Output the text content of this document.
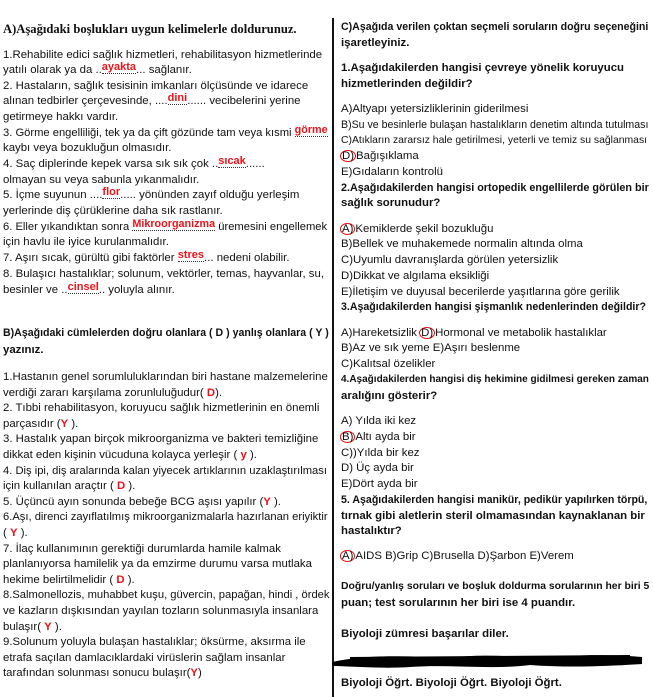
A)Aşağıdaki boşlukları uygun kelimelerle doldurunuz.
1.Rehabilite edici sağlık hizmetleri, rehabilitasyon hizmetlerinde
yatılı olarak ya da ..ayakta... sağlanır.
2. Hastaların, sağlık tesisinin imkanları ölçüsünde ve idarece
alınan tedbirler çerçevesinde, ....dini...... vecibelerini yerine
getirmeye hakkı vardır.
3. Görme engelliliği, tek ya da çift gözünde tam veya kısmi görme
kaybı veya bozukluğun olmasıdır.
4. Saç diplerinde kepek varsa sık sık çok ..sıcak......
olmayan su veya sabunla yıkanmalıdır.
5. İçme suyunun ....flor..... yönünden zayıf olduğu yerleşim
yerlerinde diş çürüklerine daha sık rastlanır.
6. Eller yıkandıktan sonra Mikroorganizma üremesini engellemek
için havlu ile iyice kurulanmalıdır.
7. Aşırı sıcak, gürültü gibi faktörler stres... nedeni olabilir.
8. Bulaşıcı hastalıklar; solunum, vektörler, temas, hayvanlar, su,
besinler ve ..cinsel.. yoluyla alınır.
B)Aşağıdaki cümlelerden doğru olanlara ( D ) yanlış olanlara ( Y )
yazınız.
1.Hastanın genel sorumluluklarından biri hastane malzemelerine
verdiği zararı karşılama zorunluluğudur( D).
2. Tıbbi rehabilitasyon, koruyucu sağlık hizmetlerinin en önemli
parçasıdır (Y ).
3. Hastalık yapan birçok mikroorganizma ve bakteri temizliğine
dikkat eden kişinin vücuduna kolayca yerleşir ( y ).
4. Diş ipi, diş aralarında kalan yiyecek artıklarının uzaklaştırılması
için kullanılan araçtır ( D ).
5. Üçüncü ayın sonunda bebeğe BCG aşısı yapılır (Y ).
6.Aşı, direnci zayıflatılmış mikroorganizmalarla hazırlanan eriyiktir
( Y ).
7. İlaç kullanımının gerektiği durumlarda hamile kalmak
planlanıyorsa hamilelik ya da emzirme durumu varsa mutlaka
hekime belirtilmelidir ( D ).
8.Salmonellozis, muhabbet kuşu, güvercin, papağan, hindi , ördek
ve kazların dışkısından yayılan tozların solunmasıyla insanlara
bulaşır( Y ).
9.Solunum yoluyla bulaşan hastalıklar; öksürme, aksırma ile
etrafa saçılan damlacıklardaki virüslerin sağlam insanlar
tarafından solunması sonucu bulaşır(Y)
C)Aşağıda verilen çoktan seçmeli soruların doğru seçeneğini
işaretleyiniz.
1.Aşağıdakilerden hangisi çevreye yönelik koruyucu
hizmetlerinden değildir?
A)Altyapı yetersizliklerinin giderilmesi
B)Su ve besinlerle bulaşan hastalıkların denetim altında tutulması
C)Atıkların zararsız hale getirilmesi, yeterli ve temiz su sağlanması
D) Bağışıklama
E)Gıdaların kontrolü
2.Aşağıdakilerden hangisi ortopedik engellilerde görülen bir
sağlık sorunudur?
A) Kemiklerde şekil bozukluğu
B)Bellek ve muhakemede normalin altında olma
C)Uyumlu davranışlarda görülen yetersizlik
D)Dikkat ve algılama eksikliği
E)İletişim ve duyusal becerilerde yaşıtlarına göre gerilik
3.Aşağıdakilerden hangisi şişmanlık nedenlerinden değildir?
A)Hareketsizlik D) Hormonal ve metabolik hastalıklar
B)Az ve sık yeme E)Aşırı beslenme
C)Kalıtsal özelikler
4.Aşağıdakilerden hangisi diş hekimine gidilmesi gereken zaman
aralığını gösterir?
A) Yılda iki kez
B) Altı ayda bir
C))Yılda bir kez
D) Üç ayda bir
E)Dört ayda bir
5. Aşağıdakilerden hangisi manikür, pedikür yapılırken törpü,
tırnak gibi aletlerin steril olmamasından kaynaklanan bir
hastalıktır?
A) AIDS B)Grip C)Brusella D)Şarbon E)Verem
Doğru/yanlış soruları ve boşluk doldurma sorularının her biri 5
puan; test sorularının her biri ise 4 puandır.
Biyoloji zümresi başarılar diler.
Biyoloji Öğrt. Biyoloji Öğrt. Biyoloji Öğrt.
